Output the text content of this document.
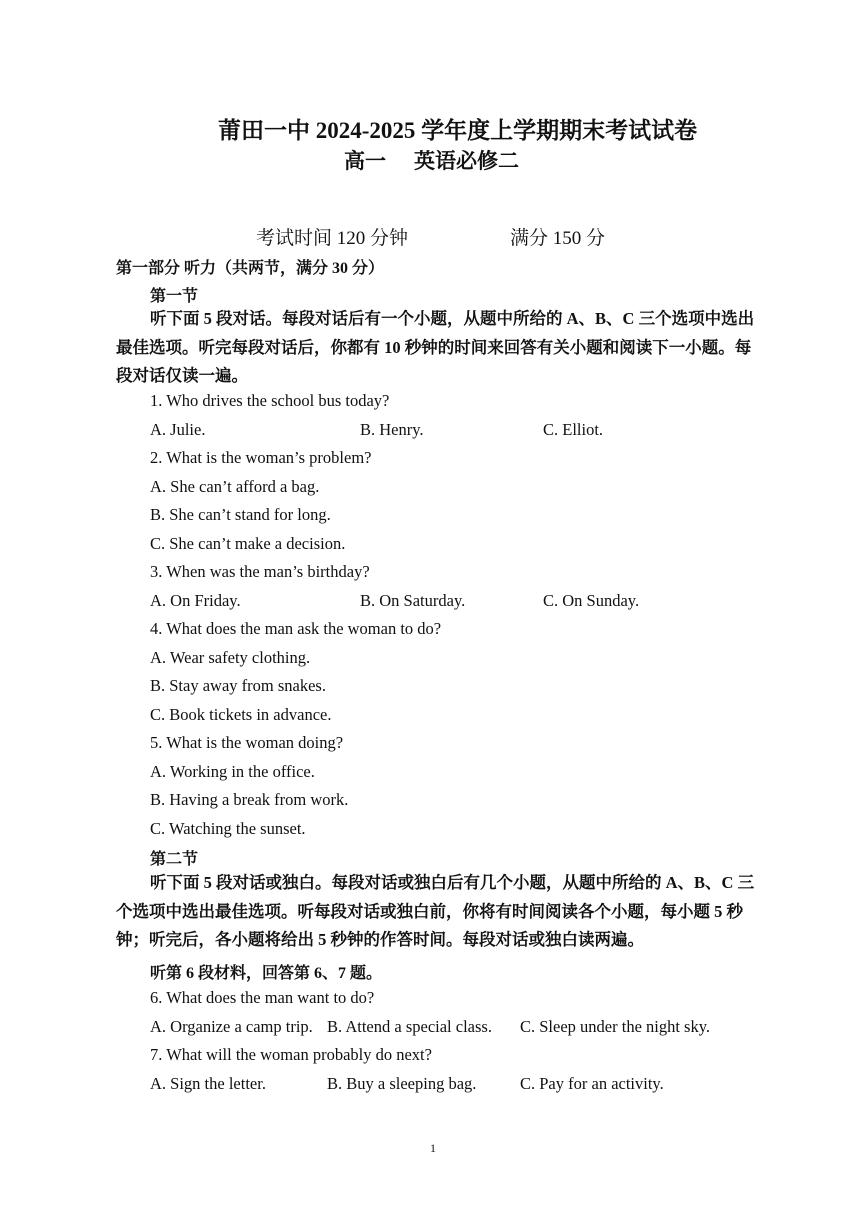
莆田一中 2024-2025 学年度上学期期末考试试卷
高一 英语必修二
考试时间 120 分钟	满分 150 分
第一部分 听力（共两节，满分 30 分）
第一节
听下面 5 段对话。每段对话后有一个小题，从题中所给的 A、B、C 三个选项中选出最佳选项。听完每段对话后，你都有 10 秒钟的时间来回答有关小题和阅读下一小题。每段对话仅读一遍。
1. Who drives the school bus today?
A. Julie.	B. Henry.	C. Elliot.
2. What is the woman’s problem?
A. She can’t afford a bag.
B. She can’t stand for long.
C. She can’t make a decision.
3. When was the man’s birthday?
A. On Friday.	B. On Saturday.	C. On Sunday.
4. What does the man ask the woman to do?
A. Wear safety clothing.
B. Stay away from snakes.
C. Book tickets in advance.
5. What is the woman doing?
A. Working in the office.
B. Having a break from work.
C. Watching the sunset.
第二节
听下面 5 段对话或独白。每段对话或独白后有几个小题，从题中所给的 A、B、C 三个选项中选出最佳选项。听每段对话或独白前，你将有时间阅读各个小题，每小题 5 秒钟；听完后，各小题将给出 5 秒钟的作答时间。每段对话或独白读两遍。
听第 6 段材料，回答第 6、7 题。
6. What does the man want to do?
A. Organize a camp trip. B. Attend a special class. C. Sleep under the night sky.
7. What will the woman probably do next?
A. Sign the letter.	B. Buy a sleeping bag.	C. Pay for an activity.
1
